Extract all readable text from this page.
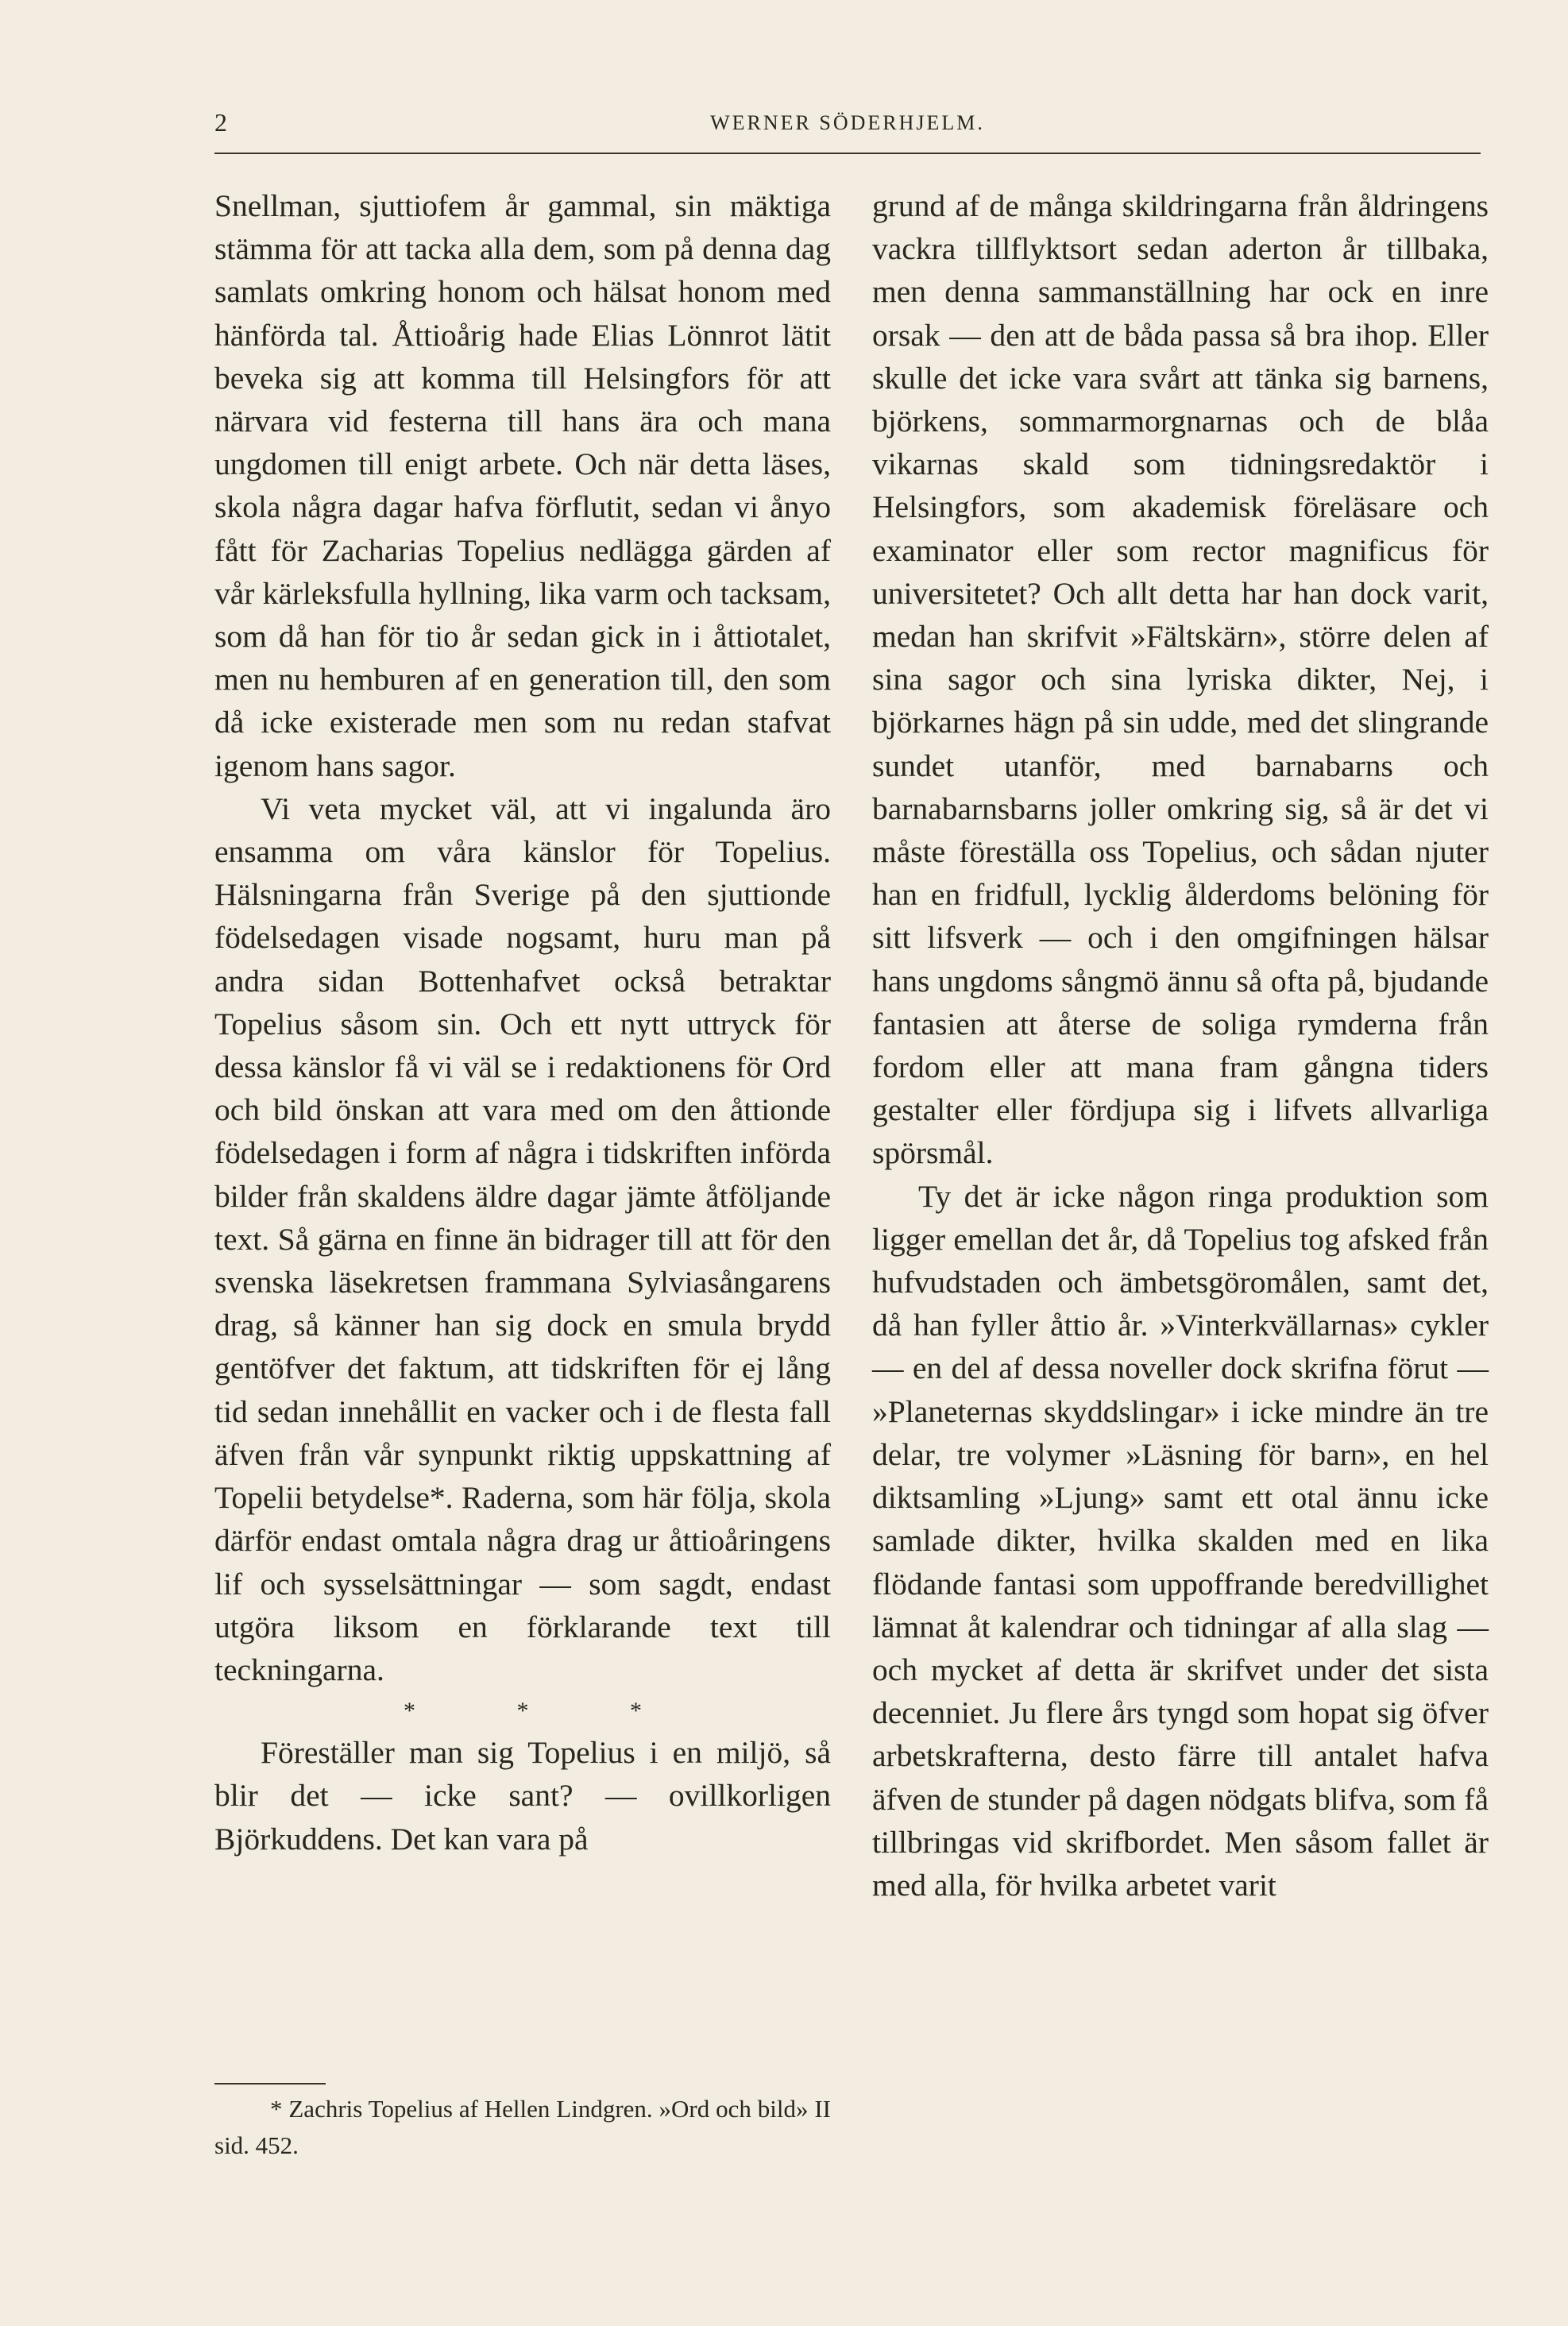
2	WERNER SÖDERHJELM.

Snellman, sjuttiofem år gammal, sin mäktiga stämma för att tacka alla dem, som på denna dag samlats omkring honom och hälsat honom med hänförda tal. Åttioårig hade Elias Lönnrot lätit beveka sig att komma till Helsingfors för att närvara vid festerna till hans ära och mana ungdomen till enigt arbete. Och när detta läses, skola några dagar hafva förflutit, sedan vi ånyo fått för Zacharias Topelius nedlägga gärden af vår kärleksfulla hyllning, lika varm och tacksam, som då han för tio år sedan gick in i åttiotalet, men nu hemburen af en generation till, den som då icke existerade men som nu redan stafvat igenom hans sagor.

Vi veta mycket väl, att vi ingalunda äro ensamma om våra känslor för Topelius. Hälsningarna från Sverige på den sjuttionde födelsedagen visade nogsamt, huru man på andra sidan Bottenhafvet också betraktar Topelius såsom sin. Och ett nytt uttryck för dessa känslor få vi väl se i redaktionens för Ord och bild önskan att vara med om den åttionde födelsedagen i form af några i tidskriften införda bilder från skaldens äldre dagar jämte åtföljande text. Så gärna en finne än bidrager till att för den svenska läsekretsen frammana Sylviasångarens drag, så känner han sig dock en smula brydd gentöfver det faktum, att tidskriften för ej lång tid sedan innehållit en vacker och i de flesta fall äfven från vår synpunkt riktig uppskattning af Topelii betydelse*. Raderna, som här följa, skola därför endast omtala några drag ur åttioåringens lif och sysselsättningar — som sagdt, endast utgöra liksom en förklarande text till teckningarna.

* * *

Föreställer man sig Topelius i en miljö, så blir det — icke sant? — ovillkorligen Björkuddens. Det kan vara på

* Zachris Topelius af Hellen Lindgren. »Ord och bild» II sid. 452.

grund af de många skildringarna från åldringens vackra tillflyktsort sedan aderton år tillbaka, men denna sammanställning har ock en inre orsak — den att de båda passa så bra ihop. Eller skulle det icke vara svårt att tänka sig barnens, björkens, sommarmorgnarnas och de blåa vikarnas skald som tidningsredaktör i Helsingfors, som akademisk föreläsare och examinator eller som rector magnificus för universitetet? Och allt detta har han dock varit, medan han skrifvit »Fältskärn», större delen af sina sagor och sina lyriska dikter, Nej, i björkarnes hägn på sin udde, med det slingrande sundet utanför, med barnabarns och barnabarnsbarns joller omkring sig, så är det vi måste föreställa oss Topelius, och sådan njuter han en fridfull, lycklig ålderdoms belöning för sitt lifsverk — och i den omgifningen hälsar hans ungdoms sångmö ännu så ofta på, bjudande fantasien att återse de soliga rymderna från fordom eller att mana fram gångna tiders gestalter eller fördjupa sig i lifvets allvarliga spörsmål.

Ty det är icke någon ringa produktion som ligger emellan det år, då Topelius tog afsked från hufvudstaden och ämbetsgöromålen, samt det, då han fyller åttio år. »Vinterkvällarnas» cykler — en del af dessa noveller dock skrifna förut — »Planeternas skyddslingar» i icke mindre än tre delar, tre volymer »Läsning för barn», en hel diktsamling »Ljung» samt ett otal ännu icke samlade dikter, hvilka skalden med en lika flödande fantasi som uppoffrande beredvillighet lämnat åt kalendrar och tidningar af alla slag — och mycket af detta är skrifvet under det sista decenniet. Ju flere års tyngd som hopat sig öfver arbetskrafterna, desto färre till antalet hafva äfven de stunder på dagen nödgats blifva, som få tillbringas vid skrifbordet. Men såsom fallet är med alla, för hvilka arbetet varit
